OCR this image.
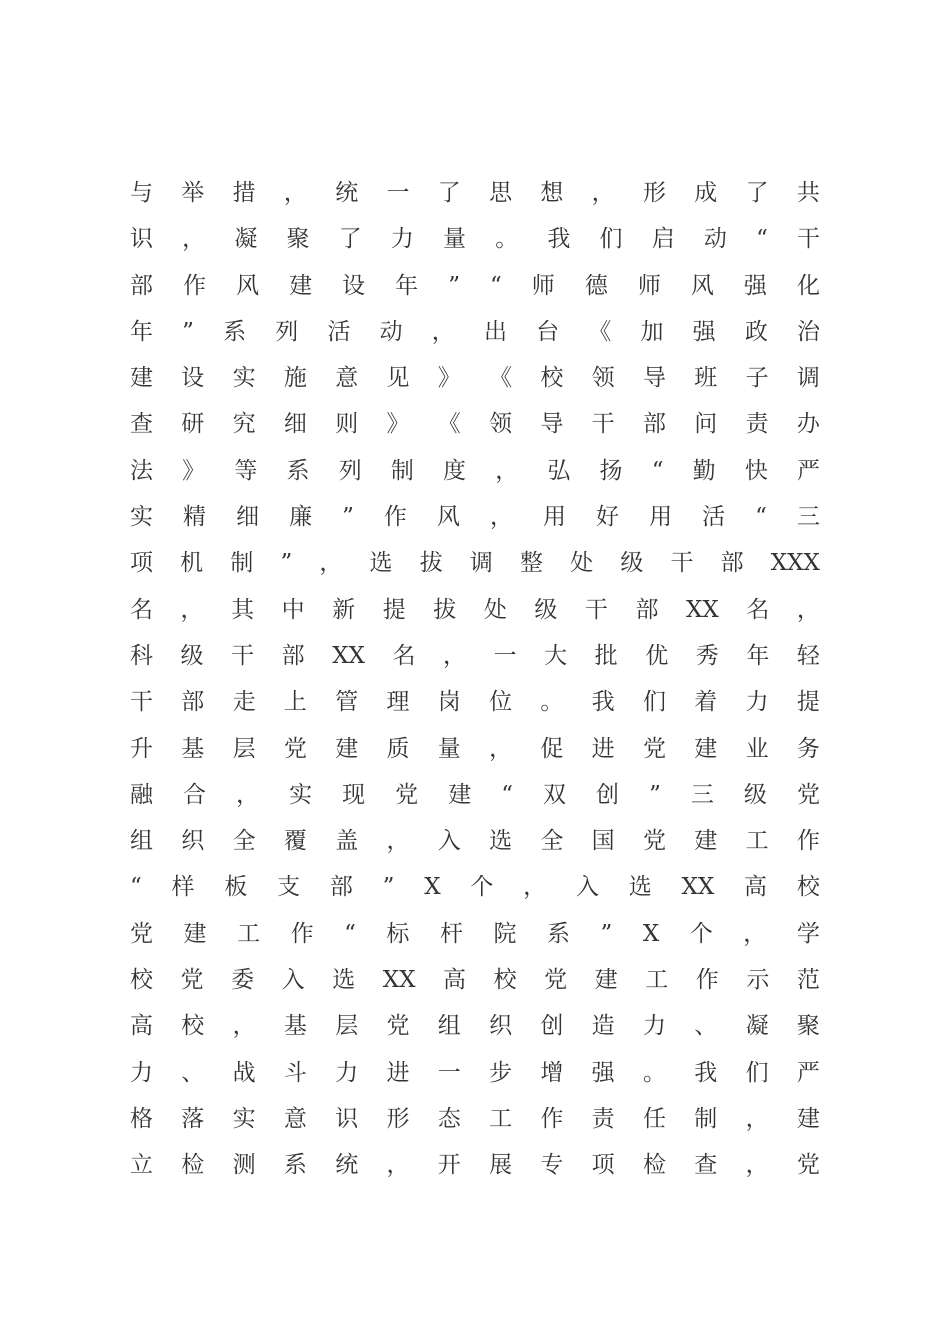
与 举 措 ， 统 一 了 思 想 ， 形 成 了 共
识 ， 凝 聚 了 力 量 。 我 们 启 动 “ 干
部 作 风 建 设 年 ” “ 师 德 师 风 强 化
年 ” 系 列 活 动 ， 出 台 《 加 强 政 治
建 设 实 施 意 见 》 《 校 领 导 班 子 调
查 研 究 细 则 》 《 领 导 干 部 问 责 办
法 》 等 系 列 制 度 ， 弘 扬 “ 勤 快 严
实 精 细 廉 ” 作 风 ， 用 好 用 活 “ 三
项 机 制 ” ， 选 拔 调 整 处 级 干 部 XXX
名 ， 其 中 新 提 拔 处 级 干 部 XX 名 ，
科 级 干 部 XX 名 ， 一 大 批 优 秀 年 轻
干 部 走 上 管 理 岗 位 。 我 们 着 力 提
升 基 层 党 建 质 量 ， 促 进 党 建 业 务
融 合 ， 实 现 党 建 “ 双 创 ” 三 级 党
组 织 全 覆 盖 ， 入 选 全 国 党 建 工 作
“ 样 板 支 部 ” X 个 ， 入 选 XX 高 校
党 建 工 作 “ 标 杆 院 系 ” X 个 ， 学
校 党 委 入 选 XX 高 校 党 建 工 作 示 范
高 校 ， 基 层 党 组 织 创 造 力 、 凝 聚
力 、 战 斗 力 进 一 步 增 强 。 我 们 严
格 落 实 意 识 形 态 工 作 责 任 制 ， 建
立 检 测 系 统 ， 开 展 专 项 检 查 ， 党
